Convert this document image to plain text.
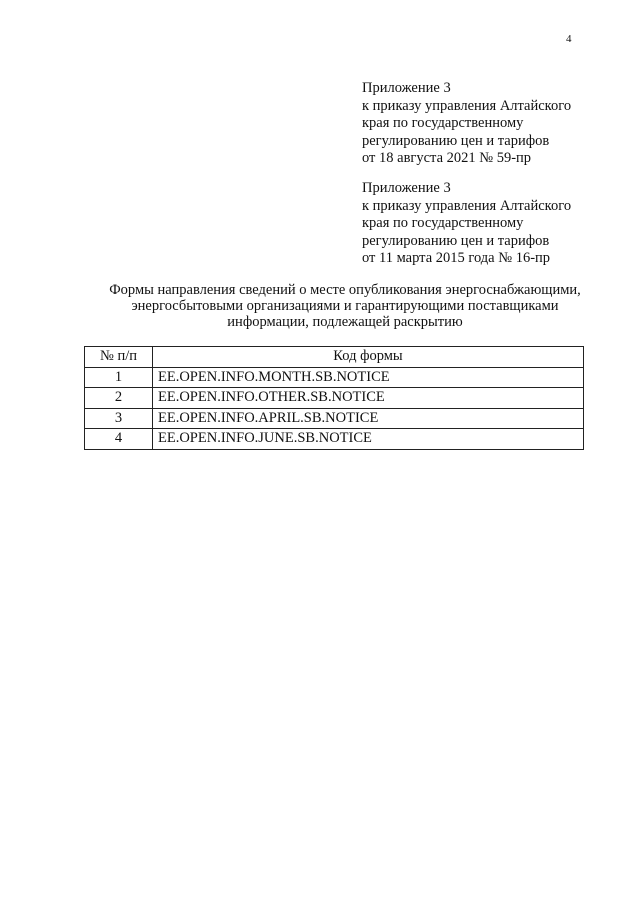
4
Приложение 3
к приказу управления Алтайского
края по государственному
регулированию цен и тарифов
от 18 августа 2021 № 59-пр
Приложение 3
к приказу управления Алтайского
края по государственному
регулированию цен и тарифов
от 11 марта 2015 года № 16-пр
Формы направления сведений о месте опубликования энергоснабжающими,
энергосбытовыми организациями и гарантирующими поставщиками
информации, подлежащей раскрытию
№ п/п	Код формы
1	EE.OPEN.INFO.MONTH.SB.NOTICE
2	EE.OPEN.INFO.OTHER.SB.NOTICE
3	EE.OPEN.INFO.APRIL.SB.NOTICE
4	EE.OPEN.INFO.JUNE.SB.NOTICE
